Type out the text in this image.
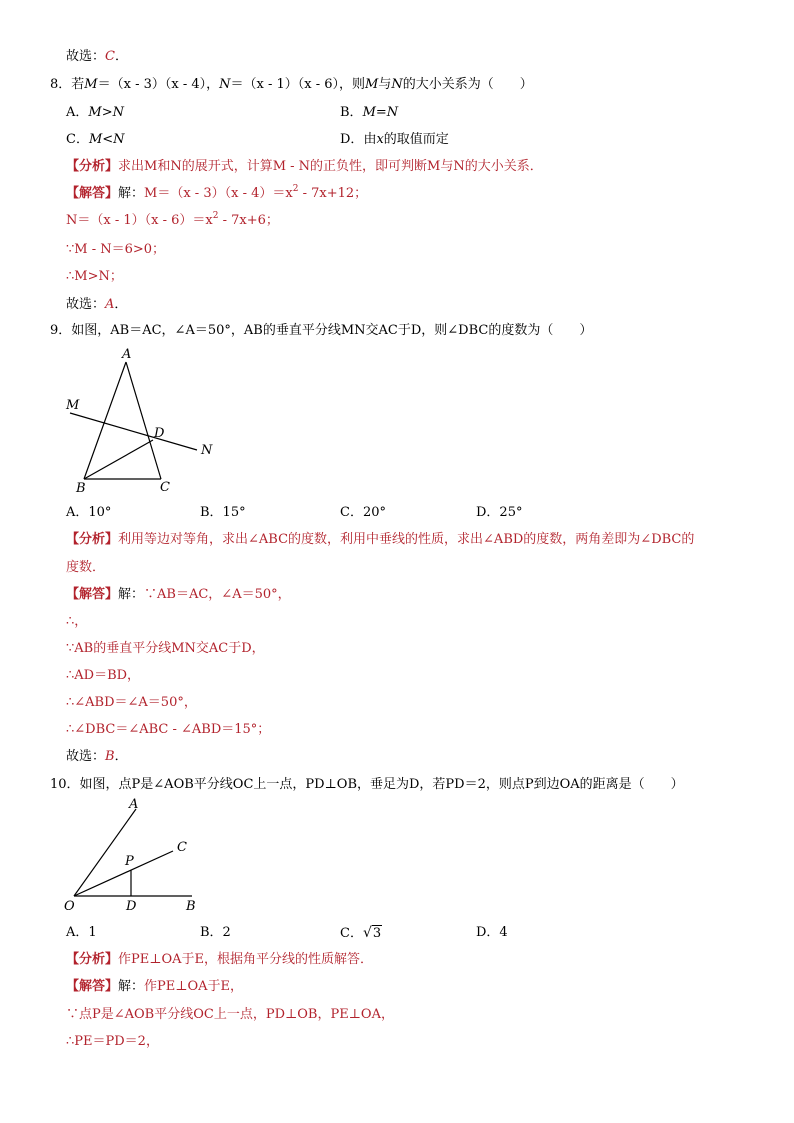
故选：C．
8．若M＝（x - 3）（x - 4），N＝（x - 1）（x - 6），则M与N的大小关系为（　　）
A．M>N	B．M=N
C．M<N	D．由x的取值而定
【分析】求出M和N的展开式，计算M - N的正负性，即可判断M与N的大小关系．
【解答】解：$M=(x - 3)(x - 4)=x^2 - 7x+12$；
$N=(x - 1)(x - 6)=x^2 - 7x+6$；
∵M - N＝6>0；
∴M>N；
故选：A．
9．如图，AB＝AC，∠A＝50°，AB的垂直平分线MN交AC于D，则∠DBC的度数为（　　）
A
M
D
N
B	C
A．10°	B．15°	C．20°	D．25°
【分析】利用等边对等角，求出∠ABC的度数，利用中垂线的性质，求出∠ABD的度数，两角差即为∠DBC的
度数．
【解答】解：∵AB＝AC，∠A＝50°，
∴，
∵AB的垂直平分线MN交AC于D，
∴AD＝BD，
∴∠ABD＝∠A＝50°，
∴∠DBC＝∠ABC - ∠ABD＝15°；
故选：B．
10．如图，点P是∠AOB平分线OC上一点，PD⊥OB，垂足为D，若PD＝2，则点P到边OA的距离是（　　）
A
C
P
O	D	B
A．1	B．2	C．√3	D．4
【分析】作PE⊥OA于E，根据角平分线的性质解答．
【解答】解：作PE⊥OA于E，
∵点P是∠AOB平分线OC上一点，PD⊥OB，PE⊥OA，
∴PE＝PD＝2，
